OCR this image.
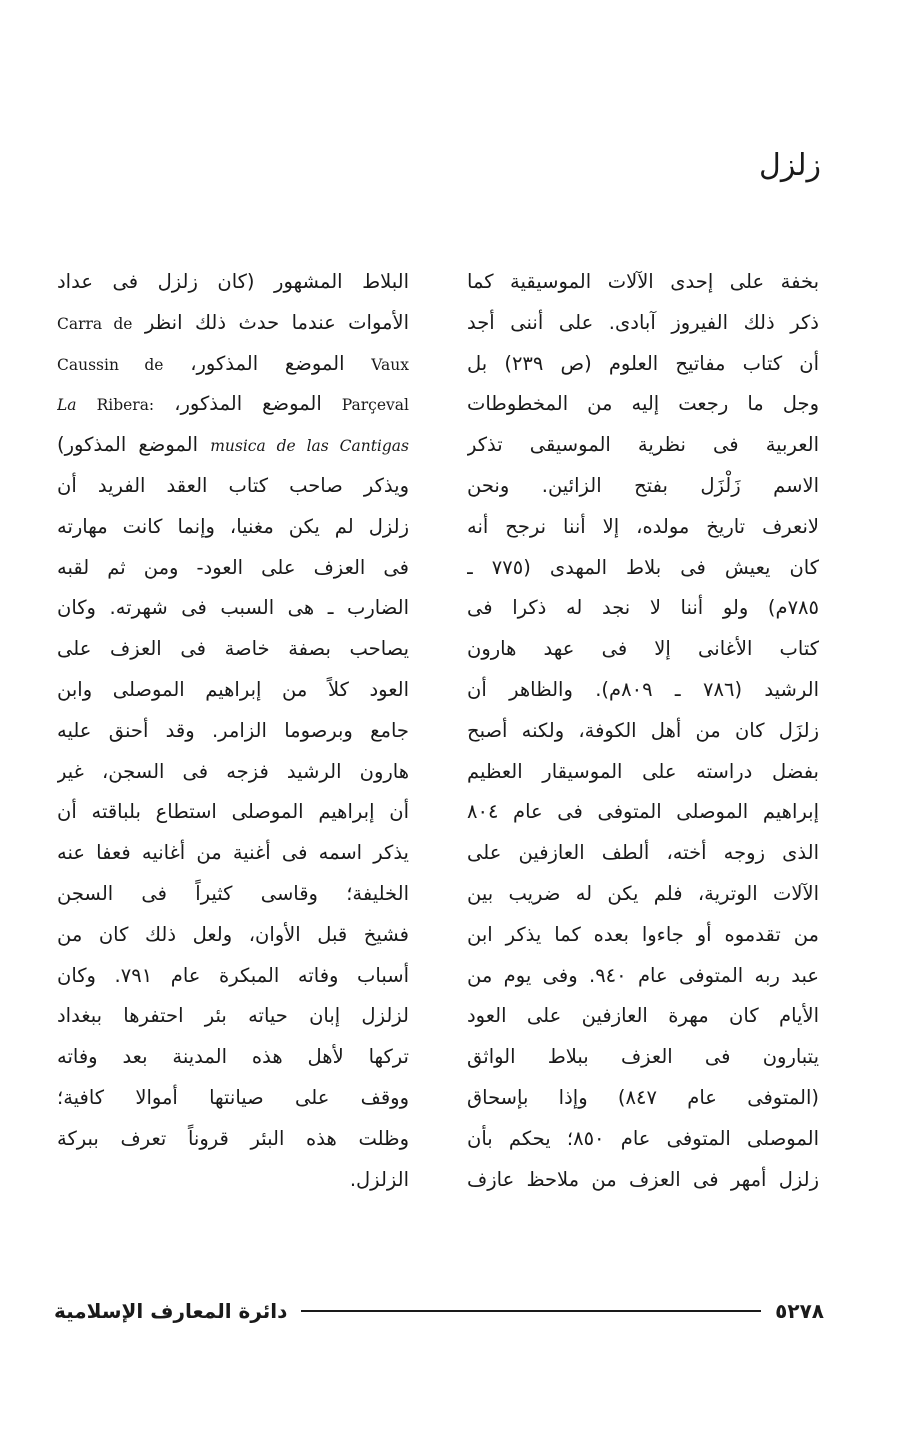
زلزل
بخفة على إحدى الآلات الموسيقية كما
ذكر ذلك الفيروز آبادى. على أننى أجد
أن كتاب مفاتيح العلوم (ص ٢٣٩) بل
وجل ما رجعت إليه من المخطوطات
العربية فى نظرية الموسيقى تذكر
الاسم زَلْزَل بفتح الزائين. ونحن
لانعرف تاريخ مولده، إلا أننا نرجح أنه
كان يعيش فى بلاط المهدى (٧٧٥ ـ
٧٨٥م) ولو أننا لا نجد له ذكرا فى
كتاب الأغانى إلا فى عهد هارون
الرشيد (٧٨٦ ـ ٨٠٩م). والظاهر أن
زلزَل كان من أهل الكوفة، ولكنه أصبح
بفضل دراسته على الموسيقار العظيم
إبراهيم الموصلى المتوفى فى عام ٨٠٤
الذى زوجه أخته، ألطف العازفين على
الآلات الوترية، فلم يكن له ضريب بين
من تقدموه أو جاءوا بعده كما يذكر ابن
عبد ربه المتوفى عام ٩٤٠. وفى يوم من
الأيام كان مهرة العازفين على العود
يتبارون فى العزف ببلاط الواثق
(المتوفى عام ٨٤٧) وإذا بإسحاق
الموصلى المتوفى عام ٨٥٠؛ يحكم بأن
زلزل أمهر فى العزف من ملاحظ عازف
البلاط المشهور (كان زلزل فى عداد
الأموات عندما حدث ذلك انظر Carra de
Vaux الموضع المذكور، Caussin de
Parçeval الموضع المذكور، Ribera: La
musica de las Cantigas الموضع المذكور)
ويذكر صاحب كتاب العقد الفريد أن
زلزل لم يكن مغنيا، وإنما كانت مهارته
فى العزف على العود- ومن ثم لقبه
الضارب ـ هى السبب فى شهرته. وكان
يصاحب بصفة خاصة فى العزف على
العود كلاً من إبراهيم الموصلى وابن
جامع وبرصوما الزامر. وقد أحنق عليه
هارون الرشيد فزجه فى السجن، غير
أن إبراهيم الموصلى استطاع بلباقته أن
يذكر اسمه فى أغنية من أغانيه فعفا عنه
الخليفة؛ وقاسى كثيراً فى السجن
فشيخ قبل الأوان، ولعل ذلك كان من
أسباب وفاته المبكرة عام ٧٩١. وكان
لزلزل إبان حياته بئر احتفرها ببغداد
تركها لأهل هذه المدينة بعد وفاته
ووقف على صيانتها أموالا كافية؛
وظلت هذه البئر قروناً تعرف ببركة
الزلزل.
٥٢٧٨
دائرة المعارف الإسلامية
